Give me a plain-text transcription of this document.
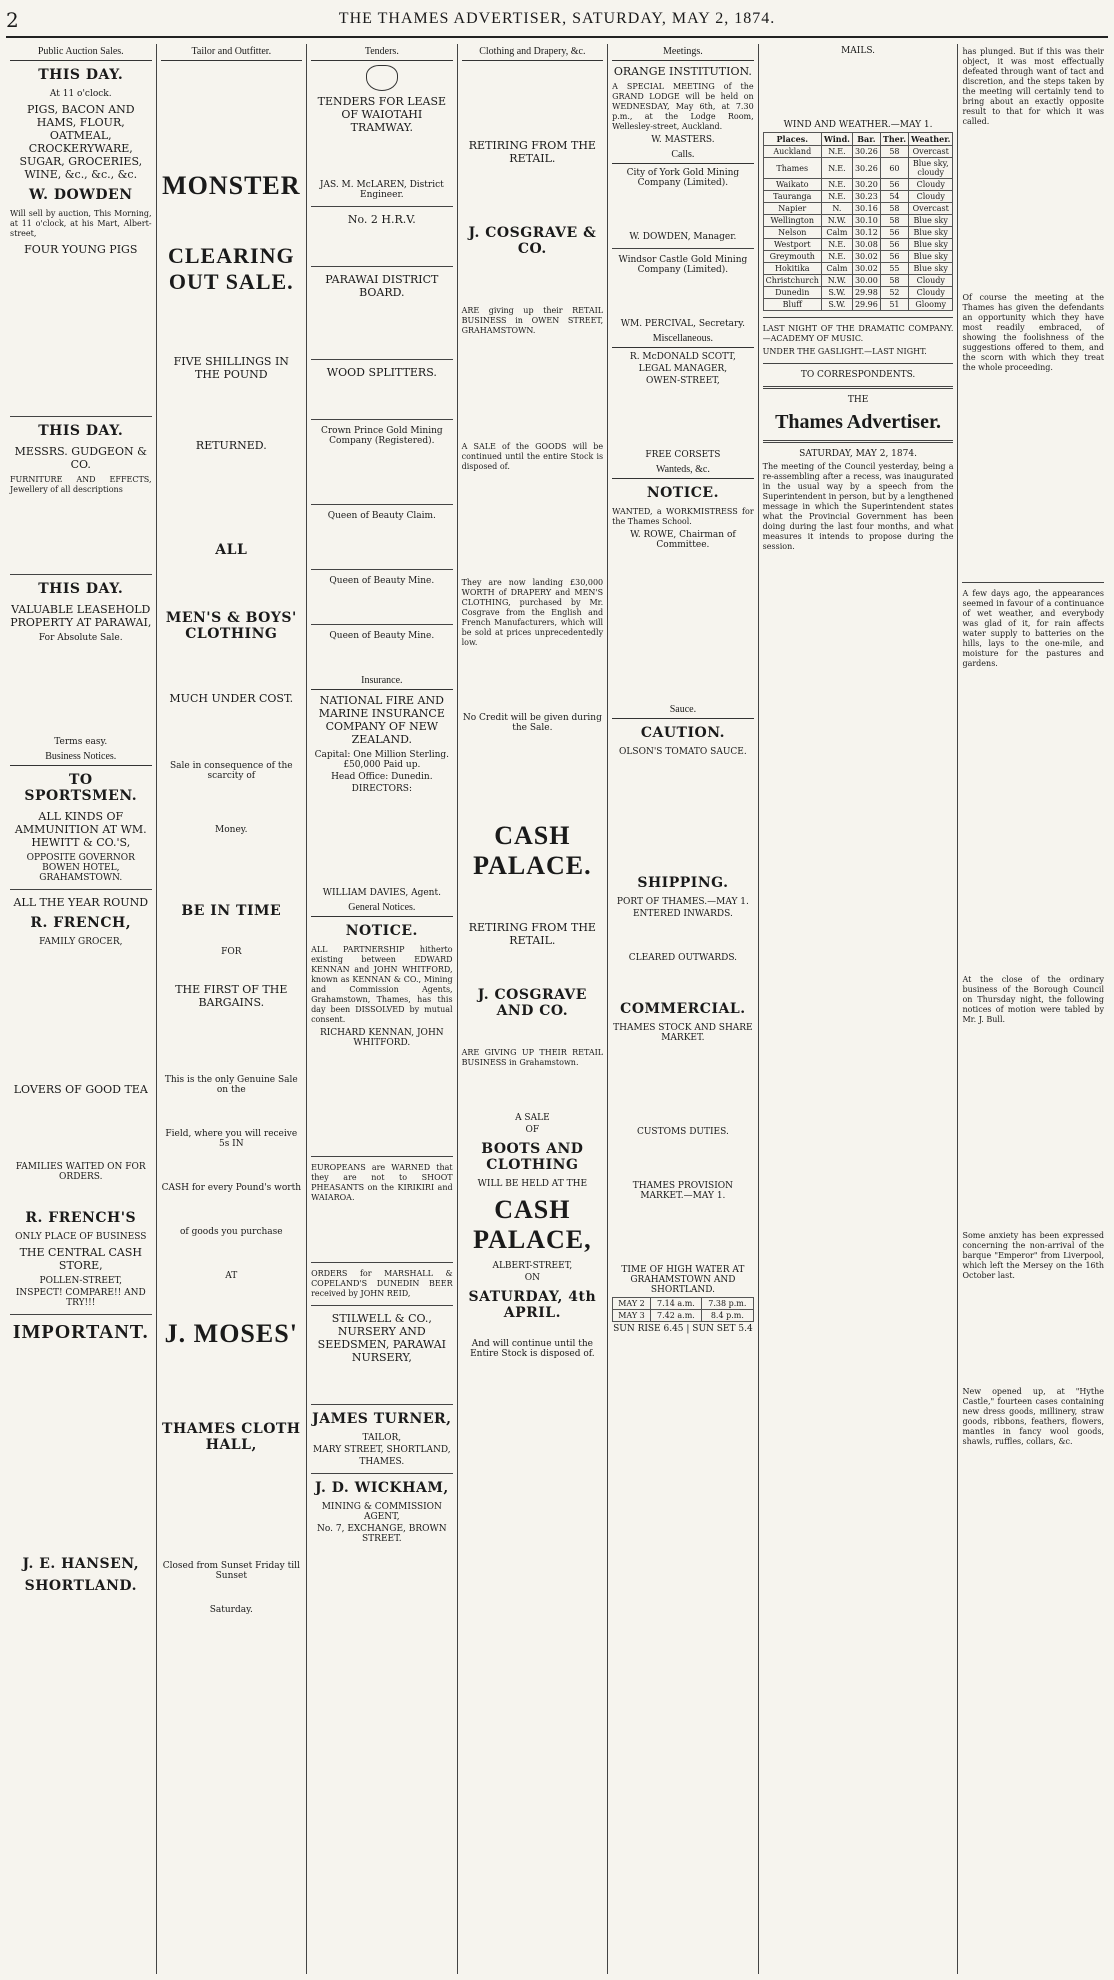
2	THE THAMES ADVERTISER, SATURDAY, MAY 2, 1874.
Public Auction Sales.
THIS DAY.
At 11 o'clock.
PIGS, BACON AND HAMS, FLOUR, OATMEAL, CROCKERYWARE, SUGAR, GROCERIES, WINE, &c., &c., &c.
W. DOWDEN
Will sell by auction, This Morning, at 11 o'clock, at his Mart, Albert-street,
FOUR YOUNG PIGS
THIS DAY.
MESSRS. GUDGEON & CO.
FURNITURE AND EFFECTS, Jewellery of all descriptions
THIS DAY.
VALUABLE LEASEHOLD PROPERTY AT PARAWAI,
For Absolute Sale.
Terms easy.
Business Notices.
TO SPORTSMEN.
ALL KINDS OF AMMUNITION AT WM. HEWITT & CO.'S,
OPPOSITE GOVERNOR BOWEN HOTEL, GRAHAMSTOWN.
ALL THE YEAR ROUND
R. FRENCH,
FAMILY GROCER,
LOVERS OF GOOD TEA
FAMILIES WAITED ON FOR ORDERS.
R. FRENCH'S
ONLY PLACE OF BUSINESS
THE CENTRAL CASH STORE,
POLLEN-STREET,
INSPECT! COMPARE!! AND TRY!!!
IMPORTANT.
J. E. HANSEN,
SHORTLAND.
Tailor and Outfitter.
MONSTER
CLEARING OUT SALE.
FIVE SHILLINGS IN THE POUND
RETURNED.
ALL
MEN'S & BOYS' CLOTHING
MUCH UNDER COST.
Sale in consequence of the scarcity of
Money.
BE IN TIME
FOR
THE FIRST OF THE BARGAINS.
This is the only Genuine Sale on the
Field, where you will receive 5s IN
CASH for every Pound's worth
of goods you purchase
AT
J. MOSES'
THAMES CLOTH HALL,
Closed from Sunset Friday till Sunset
Saturday.
Tenders.
TENDERS FOR LEASE OF WAIOTAHI TRAMWAY.
JAS. M. McLAREN, District Engineer.
No. 2 H.R.V.
PARAWAI DISTRICT BOARD.
WOOD SPLITTERS.
Crown Prince Gold Mining Company (Registered).
Queen of Beauty Claim.
Queen of Beauty Mine.
Queen of Beauty Mine.
Insurance.
NATIONAL FIRE AND MARINE INSURANCE COMPANY OF NEW ZEALAND.
Capital: One Million Sterling. £50,000 Paid up.
Head Office: Dunedin.
DIRECTORS:
WILLIAM DAVIES, Agent.
General Notices.
NOTICE.
ALL PARTNERSHIP hitherto existing between EDWARD KENNAN and JOHN WHITFORD, known as KENNAN & CO., Mining and Commission Agents, Grahamstown, Thames, has this day been DISSOLVED by mutual consent.
RICHARD KENNAN, JOHN WHITFORD.
EUROPEANS are WARNED that they are not to SHOOT PHEASANTS on the KIRIKIRI and WAIAROA.
ORDERS for MARSHALL & COPELAND'S DUNEDIN BEER received by JOHN REID,
STILWELL & CO., NURSERY AND SEEDSMEN, PARAWAI NURSERY,
JAMES TURNER,
TAILOR,
MARY STREET, SHORTLAND,
THAMES.
J. D. WICKHAM,
MINING & COMMISSION AGENT,
No. 7, EXCHANGE, BROWN STREET.
Clothing and Drapery, &c.
RETIRING FROM THE RETAIL.
J. COSGRAVE & CO.
ARE giving up their RETAIL BUSINESS in OWEN STREET, GRAHAMSTOWN.
A SALE of the GOODS will be continued until the entire Stock is disposed of.
They are now landing £30,000 WORTH of DRAPERY and MEN'S CLOTHING, purchased by Mr. Cosgrave from the English and French Manufacturers, which will be sold at prices unprecedentedly low.
No Credit will be given during the Sale.
CASH PALACE.
RETIRING FROM THE RETAIL.
J. COSGRAVE AND CO.
ARE GIVING UP THEIR RETAIL BUSINESS in Grahamstown.
A SALE
OF
BOOTS AND CLOTHING
WILL BE HELD AT THE
CASH PALACE,
ALBERT-STREET,
ON
SATURDAY, 4th APRIL.
And will continue until the Entire Stock is disposed of.
Meetings.
ORANGE INSTITUTION.
A SPECIAL MEETING of the GRAND LODGE will be held on WEDNESDAY, May 6th, at 7.30 p.m., at the Lodge Room, Wellesley-street, Auckland.
W. MASTERS.
Calls.
City of York Gold Mining Company (Limited).
W. DOWDEN, Manager.
Windsor Castle Gold Mining Company (Limited).
WM. PERCIVAL, Secretary.
Miscellaneous.
R. McDONALD SCOTT,
LEGAL MANAGER,
OWEN-STREET,
FREE CORSETS
Wanteds, &c.
NOTICE.
WANTED, a WORKMISTRESS for the Thames School.
W. ROWE, Chairman of Committee.
Sauce.
CAUTION.
OLSON'S TOMATO SAUCE.
SHIPPING.
PORT OF THAMES.—MAY 1.
ENTERED INWARDS.
CLEARED OUTWARDS.
COMMERCIAL.
THAMES STOCK AND SHARE MARKET.
CUSTOMS DUTIES.
THAMES PROVISION MARKET.—MAY 1.
TIME OF HIGH WATER AT GRAHAMSTOWN AND SHORTLAND.
MAY 2	7.14 a.m.	7.38 p.m.
MAY 3	7.42 a.m.	8.4 p.m.
SUN RISE 6.45 | SUN SET 5.4
MAILS.
WIND AND WEATHER.—MAY 1.
Places.	Wind.	Bar.	Ther.	Weather.
Auckland	N.E.	30.26	58	Overcast
Thames	N.E.	30.26	60	Blue sky, cloudy
Waikato	N.E.	30.20	56	Cloudy
Tauranga	N.E.	30.23	54	Cloudy
Napier	N.	30.16	58	Overcast
Wellington	N.W.	30.10	58	Blue sky
Nelson	Calm	30.12	56	Blue sky
Westport	N.E.	30.08	56	Blue sky
Greymouth	N.E.	30.02	56	Blue sky
Hokitika	Calm	30.02	55	Blue sky
Christchurch	N.W.	30.00	58	Cloudy
Dunedin	S.W.	29.98	52	Cloudy
Bluff	S.W.	29.96	51	Gloomy
LAST NIGHT OF THE DRAMATIC COMPANY.—ACADEMY OF MUSIC.
UNDER THE GASLIGHT.—LAST NIGHT.
TO CORRESPONDENTS.
THE
Thames Advertiser.
SATURDAY, MAY 2, 1874.
The meeting of the Council yesterday, being a re-assembling after a recess, was inaugurated in the usual way by a speech from the Superintendent in person, but by a lengthened message in which the Superintendent states what the Provincial Government has been doing during the last four months, and what measures it intends to propose during the session.
has plunged. But if this was their object, it was most effectually defeated through want of tact and discretion, and the steps taken by the meeting will certainly tend to bring about an exactly opposite result to that for which it was called.
Of course the meeting at the Thames has given the defendants an opportunity which they have most readily embraced, of showing the foolishness of the suggestions offered to them, and the scorn with which they treat the whole proceeding.
A few days ago, the appearances seemed in favour of a continuance of wet weather, and everybody was glad of it, for rain affects water supply to batteries on the hills, lays to the one-mile, and moisture for the pastures and gardens.
At the close of the ordinary business of the Borough Council on Thursday night, the following notices of motion were tabled by Mr. J. Bull.
Some anxiety has been expressed concerning the non-arrival of the barque "Emperor" from Liverpool, which left the Mersey on the 16th October last.
New opened up, at "Hythe Castle," fourteen cases containing new dress goods, millinery, straw goods, ribbons, feathers, flowers, mantles in fancy wool goods, shawls, ruffles, collars, &c.
